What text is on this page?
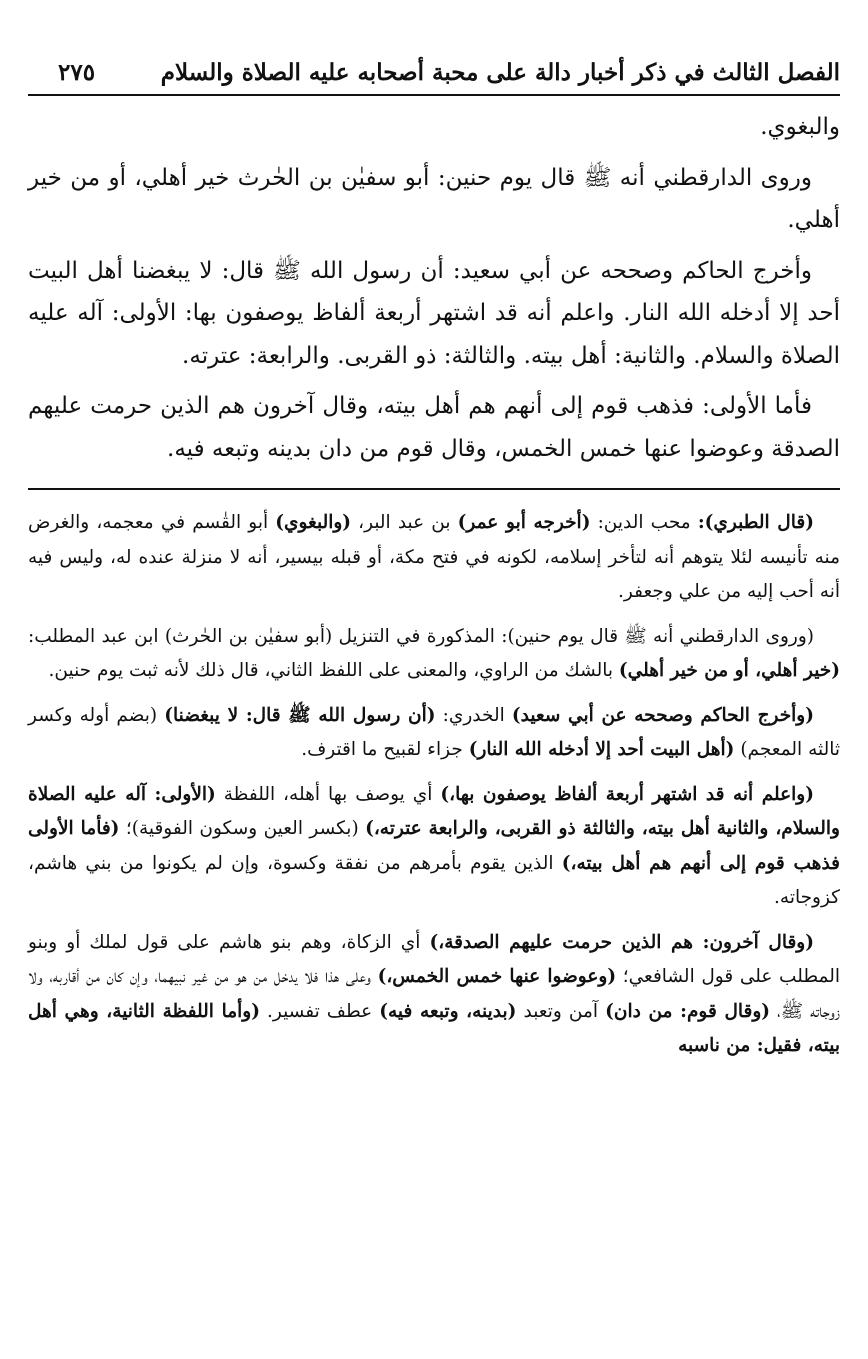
الفصل الثالث في ذكر أخبار دالة على محبة أصحابه عليه الصلاة والسلام
٢٧٥

والبغوي.

وروى الدارقطني أنه ﷺ قال يوم حنين: أبو سفيٰن بن الحٰرث خير أهلي، أو من خير أهلي.

وأخرج الحاكم وصححه عن أبي سعيد: أن رسول الله ﷺ قال: لا يبغضنا أهل البيت أحد إلا أدخله الله النار. واعلم أنه قد اشتهر أربعة ألفاظ يوصفون بها: الأولى: آله عليه الصلاة والسلام. والثانية: أهل بيته. والثالثة: ذو القربى. والرابعة: عترته.

فأما الأولى: فذهب قوم إلى أنهم هم أهل بيته، وقال آخرون هم الذين حرمت عليهم الصدقة وعوضوا عنها خمس الخمس، وقال قوم من دان بدينه وتبعه فيه.

(قال الطبري): محب الدين: (أخرجه أبو عمر) بن عبد البر، (والبغوي) أبو القٰسم في معجمه، والغرض منه تأنيسه لئلا يتوهم أنه لتأخر إسلامه، لكونه في فتح مكة، أو قبله بيسير، أنه لا منزلة عنده له، وليس فيه أنه أحب إليه من علي وجعفر.

(وروى الدارقطني أنه ﷺ قال يوم حنين): المذكورة في التنزيل (أبو سفيٰن بن الحٰرث) ابن عبد المطلب: (خير أهلي، أو من خير أهلي) بالشك من الراوي، والمعنى على اللفظ الثاني، قال ذلك لأنه ثبت يوم حنين.

(وأخرج الحاكم وصححه عن أبي سعيد) الخدري: (أن رسول الله ﷺ قال: لا يبغضنا) (بضم أوله وكسر ثالثه المعجم) (أهل البيت أحد إلا أدخله الله النار) جزاء لقبيح ما اقترف.

(واعلم أنه قد اشتهر أربعة ألفاظ يوصفون بها،) أي يوصف بها أهله، اللفظة (الأولى: آله عليه الصلاة والسلام، والثانية أهل بيته، والثالثة ذو القربى، والرابعة عترته،) (بكسر العين وسكون الفوقية)؛ (فأما الأولى فذهب قوم إلى أنهم هم أهل بيته،) الذين يقوم بأمرهم من نفقة وكسوة، وإن لم يكونوا من بني هاشم، كزوجاته.

(وقال آخرون: هم الذين حرمت عليهم الصدقة،) أي الزكاة، وهم بنو هاشم على قول لملك أو وبنو المطلب على قول الشافعي؛ (وعوضوا عنها خمس الخمس،) وعلى هذا فلا يدخل من هو من غير نبيهما، وإن كان من أقاربه، ولا زوجاته ﷺ، (وقال قوم: من دان) آمن وتعبد (بدينه، وتبعه فيه) عطف تفسير. (وأما اللفظة الثانية، وهي أهل بيته، فقيل: من ناسبه
